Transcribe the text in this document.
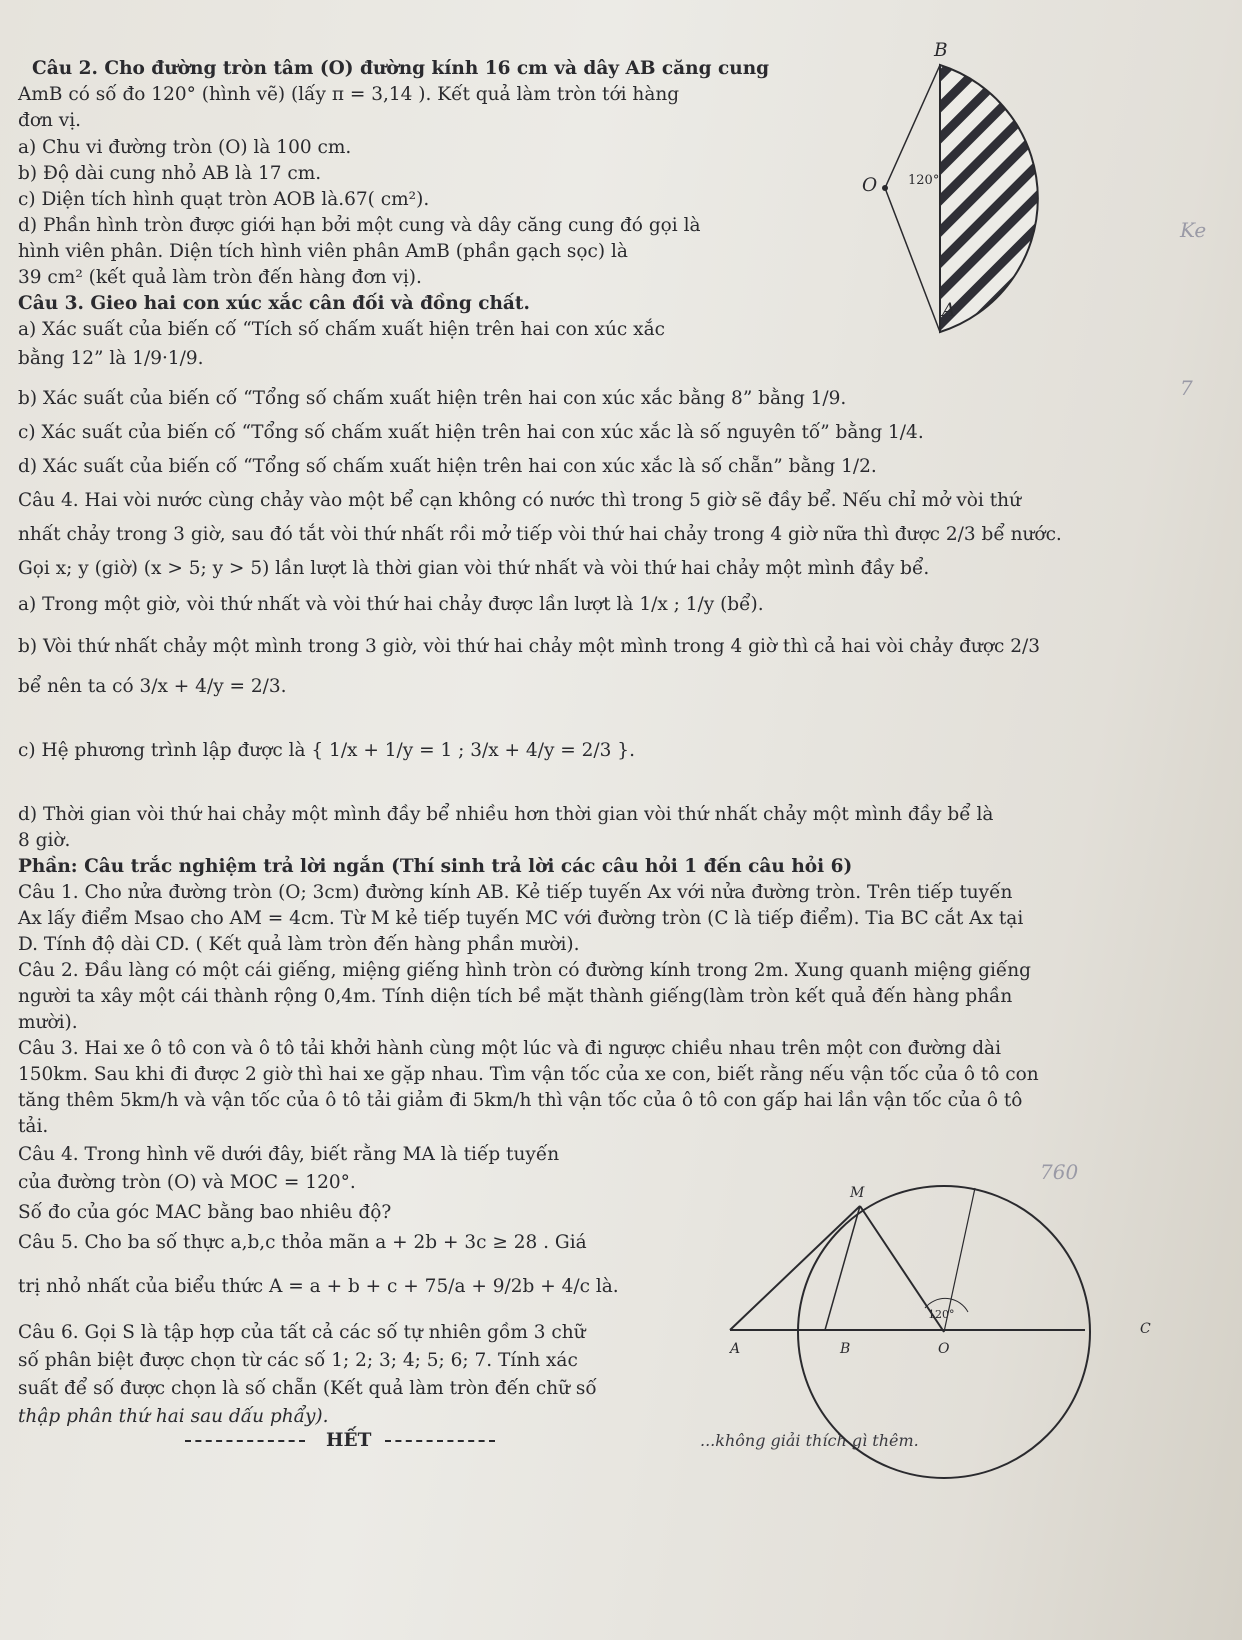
B
O 120°
A
Câu 2. Cho đường tròn tâm (O) đường kính 16 cm và dây AB căng cung
AmB có số đo 120° (hình vẽ) (lấy π = 3,14 ). Kết quả làm tròn tới hàng
đơn vị.
a) Chu vi đường tròn (O) là 100 cm.
b) Độ dài cung nhỏ AB là 17 cm.
c) Diện tích hình quạt tròn AOB là.67( cm²).
d) Phần hình tròn được giới hạn bởi một cung và dây căng cung đó gọi là
hình viên phân. Diện tích hình viên phân AmB (phần gạch sọc) là
39 cm² (kết quả làm tròn đến hàng đơn vị).
Câu 3. Gieo hai con xúc xắc cân đối và đồng chất.
a) Xác suất của biến cố “Tích số chấm xuất hiện trên hai con xúc xắc
bằng 12” là 1/9·1/9.
b) Xác suất của biến cố “Tổng số chấm xuất hiện trên hai con xúc xắc bằng 8” bằng 1/9.
c) Xác suất của biến cố “Tổng số chấm xuất hiện trên hai con xúc xắc là số nguyên tố” bằng 1/4.
d) Xác suất của biến cố “Tổng số chấm xuất hiện trên hai con xúc xắc là số chẵn” bằng 1/2.
Câu 4. Hai vòi nước cùng chảy vào một bể cạn không có nước thì trong 5 giờ sẽ đầy bể. Nếu chỉ mở vòi thứ
nhất chảy trong 3 giờ, sau đó tắt vòi thứ nhất rồi mở tiếp vòi thứ hai chảy trong 4 giờ nữa thì được 2/3 bể nước.
Gọi x; y (giờ) (x > 5; y > 5) lần lượt là thời gian vòi thứ nhất và vòi thứ hai chảy một mình đầy bể.
a) Trong một giờ, vòi thứ nhất và vòi thứ hai chảy được lần lượt là 1/x ; 1/y (bể).
b) Vòi thứ nhất chảy một mình trong 3 giờ, vòi thứ hai chảy một mình trong 4 giờ thì cả hai vòi chảy được 2/3
bể nên ta có 3/x + 4/y = 2/3.
c) Hệ phương trình lập được là { 1/x + 1/y = 1 ; 3/x + 4/y = 2/3 }.
d) Thời gian vòi thứ hai chảy một mình đầy bể nhiều hơn thời gian vòi thứ nhất chảy một mình đầy bể là
8 giờ.
Phần: Câu trắc nghiệm trả lời ngắn (Thí sinh trả lời các câu hỏi 1 đến câu hỏi 6)
Câu 1. Cho nửa đường tròn (O; 3cm) đường kính AB. Kẻ tiếp tuyến Ax với nửa đường tròn. Trên tiếp tuyến
Ax lấy điểm Msao cho AM = 4cm. Từ M kẻ tiếp tuyến MC với đường tròn (C là tiếp điểm). Tia BC cắt Ax tại
D. Tính độ dài CD. ( Kết quả làm tròn đến hàng phần mười).
Câu 2. Đầu làng có một cái giếng, miệng giếng hình tròn có đường kính trong 2m. Xung quanh miệng giếng
người ta xây một cái thành rộng 0,4m. Tính diện tích bề mặt thành giếng(làm tròn kết quả đến hàng phần
mười).
Câu 3. Hai xe ô tô con và ô tô tải khởi hành cùng một lúc và đi ngược chiều nhau trên một con đường dài
150km. Sau khi đi được 2 giờ thì hai xe gặp nhau. Tìm vận tốc của xe con, biết rằng nếu vận tốc của ô tô con
tăng thêm 5km/h và vận tốc của ô tô tải giảm đi 5km/h thì vận tốc của ô tô con gấp hai lần vận tốc của ô tô
tải.
Câu 4. Trong hình vẽ dưới đây, biết rằng MA là tiếp tuyến
của đường tròn (O) và MOC = 120°.
Số đo của góc MAC bằng bao nhiêu độ?
Câu 5. Cho ba số thực a,b,c thỏa mãn a + 2b + 3c ≥ 28 . Giá
trị nhỏ nhất của biểu thức A = a + b + c + 75/a + 9/2b + 4/c là.
Câu 6. Gọi S là tập hợp của tất cả các số tự nhiên gồm 3 chữ
số phân biệt được chọn từ các số 1; 2; 3; 4; 5; 6; 7. Tính xác
suất để số được chọn là số chẵn (Kết quả làm tròn đến chữ số
thập phân thứ hai sau dấu phẩy).
HẾT	...không giải thích gì thêm.
M
A	B	O
C
120°
Ke
7
760
